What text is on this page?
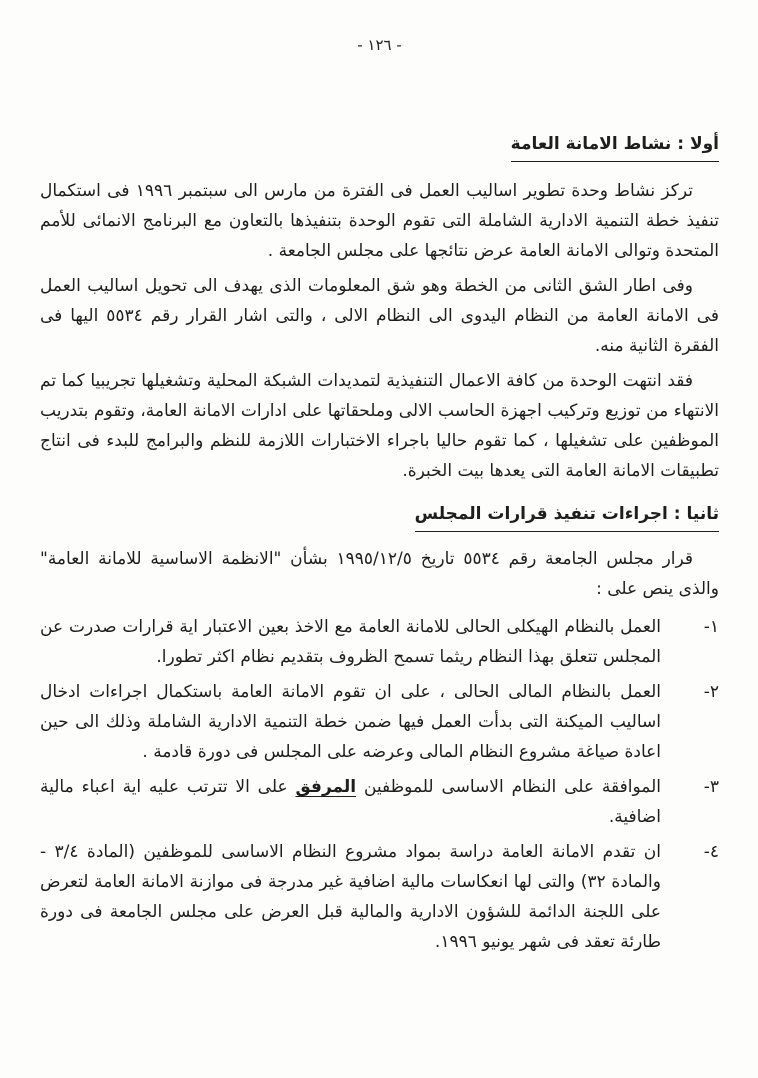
- ١٢٦ -
أولا : نشاط الامانة العامة

تركز نشاط وحدة تطوير اساليب العمل فى الفترة من مارس الى سبتمبر ١٩٩٦ فى استكمال تنفيذ خطة التنمية الادارية الشاملة التى تقوم الوحدة بتنفيذها بالتعاون مع البرنامج الانمائى للأمم المتحدة وتوالى الامانة العامة عرض نتائجها على مجلس الجامعة .

وفى اطار الشق الثانى من الخطة وهو شق المعلومات الذى يهدف الى تحويل اساليب العمل فى الامانة العامة من النظام اليدوى الى النظام الالى ، والتى اشار القرار رقم ٥٥٣٤ اليها فى الفقرة الثانية منه.

فقد انتهت الوحدة من كافة الاعمال التنفيذية لتمديدات الشبكة المحلية وتشغيلها تجريبيا كما تم الانتهاء من توزيع وتركيب اجهزة الحاسب الالى وملحقاتها على ادارات الامانة العامة، وتقوم بتدريب الموظفين على تشغيلها ، كما تقوم حاليا باجراء الاختبارات اللازمة للنظم والبرامج للبدء فى انتاج تطبيقات الامانة العامة التى يعدها بيت الخبرة.

ثانيا : اجراءات تنفيذ قرارات المجلس

قرار مجلس الجامعة رقم ٥٥٣٤ تاريخ ١٩٩٥/١٢/٥ بشأن "الانظمة الاساسية للامانة العامة" والذى ينص على :

١-
العمل بالنظام الهيكلى الحالى للامانة العامة مع الاخذ بعين الاعتبار اية قرارات صدرت عن المجلس تتعلق بهذا النظام ريثما تسمح الظروف بتقديم نظام اكثر تطورا.
٢-
العمل بالنظام المالى الحالى ، على ان تقوم الامانة العامة باستكمال اجراءات ادخال اساليب الميكنة التى بدأت العمل فيها ضمن خطة التنمية الادارية الشاملة وذلك الى حين اعادة صياغة مشروع النظام المالى وعرضه على المجلس فى دورة قادمة .
٣-
الموافقة على النظام الاساسى للموظفين المرفق على الا تترتب عليه اية اعباء مالية اضافية.
٤-
ان تقدم الامانة العامة دراسة بمواد مشروع النظام الاساسى للموظفين (المادة ٣/٤ - والمادة ٣٢) والتى لها انعكاسات مالية اضافية غير مدرجة فى موازنة الامانة العامة لتعرض على اللجنة الدائمة للشؤون الادارية والمالية قبل العرض على مجلس الجامعة فى دورة طارئة تعقد فى شهر يونيو ١٩٩٦.
